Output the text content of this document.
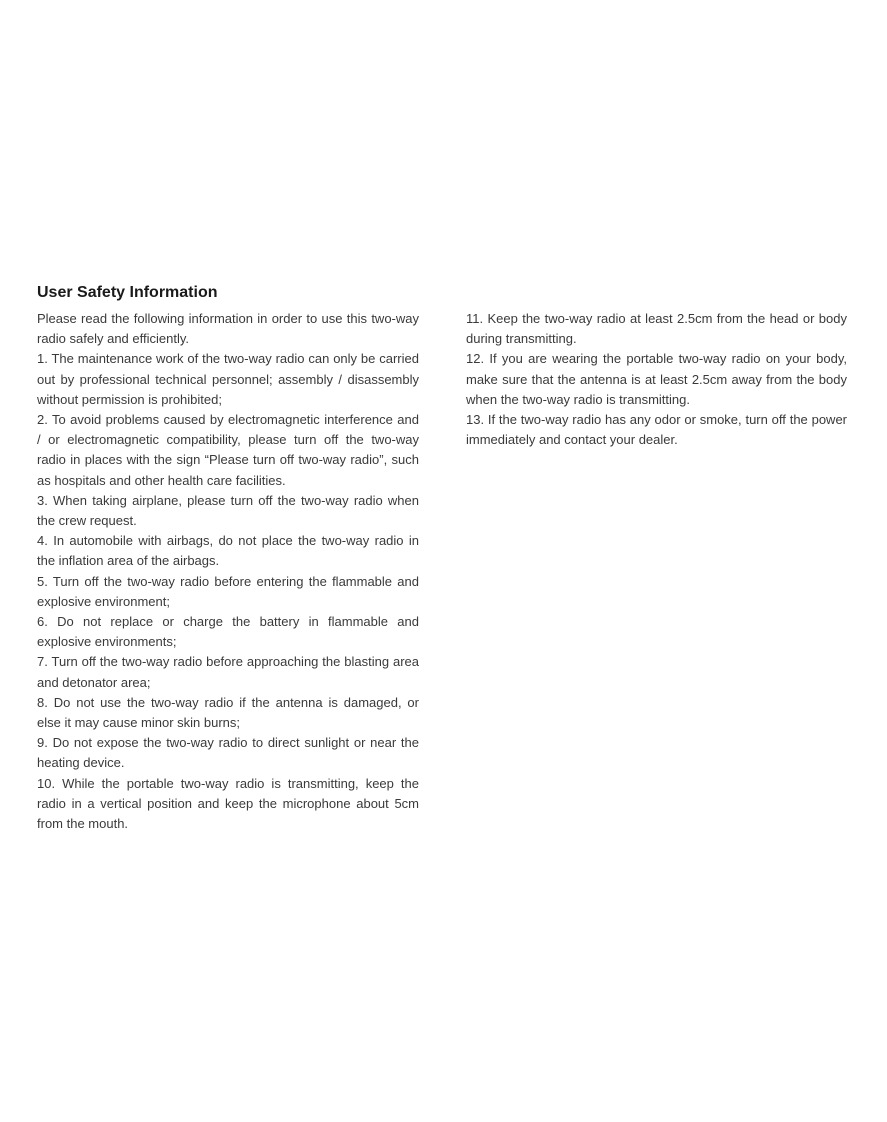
User Safety Information

Please read the following information in order to use this two-way radio safely and efficiently.

1. The maintenance work of the two-way radio can only be carried out by professional technical personnel; assembly / disassembly without permission is prohibited;

2. To avoid problems caused by electromagnetic interference and / or electromagnetic compatibility, please turn off the two-way radio in places with the sign “Please turn off two-way radio”, such as hospitals and other health care facilities.

3. When taking airplane, please turn off the two-way radio when the crew request.

4. In automobile with airbags, do not place the two-way radio in the inflation area of the airbags.

5. Turn off the two-way radio before entering the flammable and explosive environment;

6. Do not replace or charge the battery in flammable and explosive environments;

7. Turn off the two-way radio before approaching the blasting area and detonator area;

8. Do not use the two-way radio if the antenna is damaged, or else it may cause minor skin burns;

9. Do not expose the two-way radio to direct sunlight or near the heating device.

10. While the portable two-way radio is transmitting, keep the radio in a vertical position and keep the microphone about 5cm from the mouth.

11. Keep the two-way radio at least 2.5cm from the head or body during transmitting.

12. If you are wearing the portable two-way radio on your body, make sure that the antenna is at least 2.5cm away from the body when the two-way radio is transmitting.

13. If the two-way radio has any odor or smoke, turn off the power immediately and contact your dealer.
